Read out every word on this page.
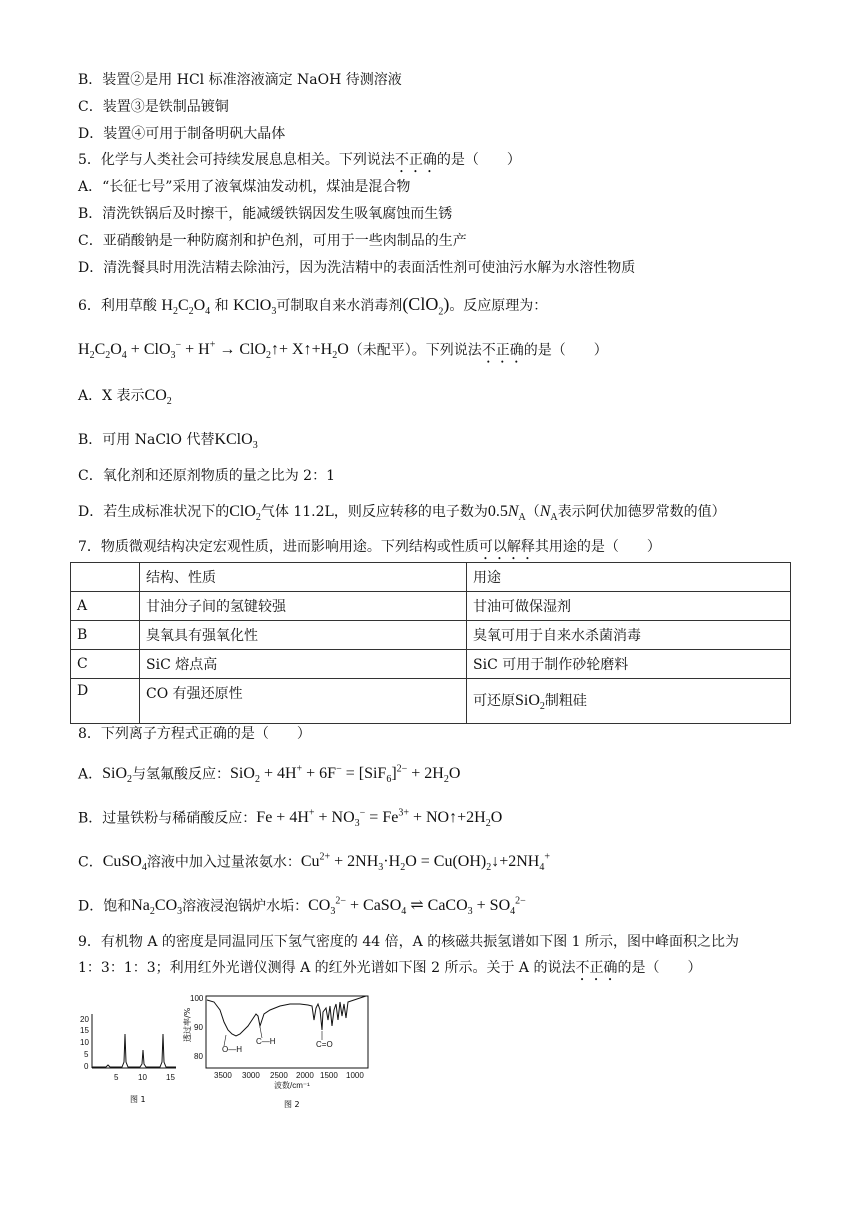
B．装置②是用 HCl 标准溶液滴定 NaOH 待测溶液
C．装置③是铁制品镀铜
D．装置④可用于制备明矾大晶体
5．化学与人类社会可持续发展息息相关。下列说法不正确的是（　　）
A．“长征七号”采用了液氧煤油发动机，煤油是混合物
B．清洗铁锅后及时擦干，能减缓铁锅因发生吸氧腐蚀而生锈
C．亚硝酸钠是一种防腐剂和护色剂，可用于一些肉制品的生产
D．清洗餐具时用洗洁精去除油污，因为洗洁精中的表面活性剂可使油污水解为水溶性物质
6．利用草酸 $H_2C_2O_4$ 和 KClO$_3$可制取自来水消毒剂(ClO$_2$)。反应原理为：
$H_2C_2O_4 + ClO_3^- + H^+$ → ClO$_2$↑+ $X↑+H_2O$（未配平）。下列说法不正确的是（　　）
A．X 表示$CO_2$
B．可用 NaClO 代替KClO$_3$
C．氧化剂和还原剂物质的量之比为 2：1
D．若生成标准状况下的ClO$_2$气体 11.2L，则反应转移的电子数为$0.5N_A(N_A$表示阿伏加德罗常数的值）
7．物质微观结构决定宏观性质，进而影响用途。下列结构或性质可以解释其用途的是（　　）
	结构、性质	用途
A	甘油分子间的氢键较强	甘油可做保湿剂
B	臭氧具有强氧化性	臭氧可用于自来水杀菌消毒
C	SiC 熔点高	SiC 可用于制作砂轮磨料
D	CO 有强还原性	可还原SiO$_2$制粗硅
8．下列离子方程式正确的是（　　）
A．SiO$_2$与氢氟酸反应：$SiO_2 + 4H^+ + 6F^- = [SiF_6]^{2-} + 2H_2O$
B．过量铁粉与稀硝酸反应：$Fe + 4H^+ + NO_3^- = Fe^{3+}$ + $NO↑+2H_2O$
C．CuSO$_4$溶液中加入过量浓氨水：$Cu^{2+} + 2NH_3\cdot H_2O$ = $Cu(OH)_2↓+2NH_4^+$
D．饱和$Na_2CO_3$溶液浸泡锅炉水垢：$CO_3^{2-}$ + CaSO$_4$ ⇌ CaCO$_3$ + $SO_4^{2-}$
9．有机物 A 的密度是同温同压下氢气密度的 44 倍，A 的核磁共振氢谱如下图 1 所示，图中峰面积之比为
1：3：1：3；利用红外光谱仪测得 A 的红外光谱如下图 2 所示。关于 A 的说法不正确的是（　　）
20
15
10
5
0
5 10 15
图 1
100
90
80
3500 3000 2500 2000 1500 1000
波数/cm⁻¹
O—H
C—H	C=O
透过率/%
图 2
